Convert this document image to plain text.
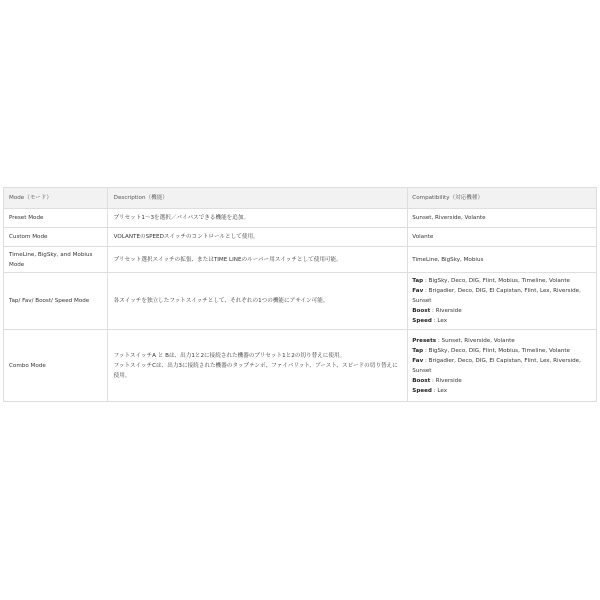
Mode（モード）	Description（機能）	Compatibility（対応機種）
Preset Mode	プリセット1～3を選択／バイパスできる機能を追加。	Sunset, Riverside, Volante
Custom Mode	VOLANTEのSPEEDスイッチのコントロールとして使用。	Volante
TimeLine, BigSky, and Mobius Mode	プリセット選択スイッチの拡張、またはTIME LINEのルーパー用スイッチとして使用可能。	TimeLine, BigSky, Mobius
Tap/ Fav/ Boost/ Speed Mode	各スイッチを独立したフットスイッチとして、それぞれの1つの機能にアサイン可能。	Tap : BigSky, Deco, DIG, Flint, Mobius, Timeline, Volante
Fav : Brigadier, Deco, DIG, El Capistan, Flint, Lex, Riverside, Sunset
Boost : Riverside
Speed : Lex

Combo Mode	フットスイッチA と Bは、出力1と2に接続された機器のプリセット1と2の切り替えに使用。
フットスイッチCは、出力3に接続された機器のタップテンポ、ファイバリット、ブースト、スピードの切り替えに使用。	Presets : Sunset, Riverside, Volante
Tap : BigSky, Deco, DIG, Flint, Mobius, Timeline, Volante
Fav : Brigadier, Deco, DIG, El Capistan, Flint, Lex, Riverside, Sunset
Boost : Riverside
Speed : Lex
